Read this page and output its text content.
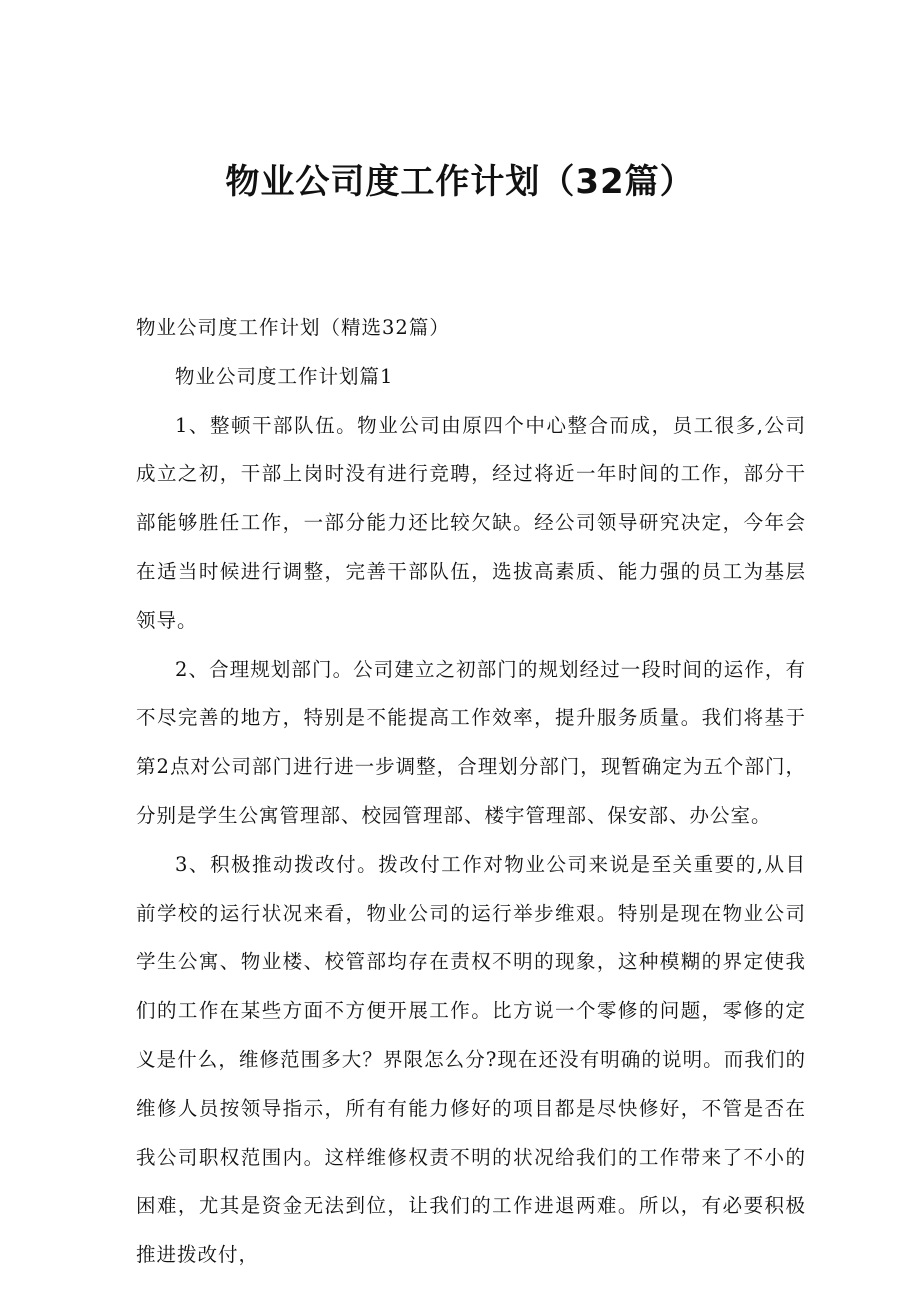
物业公司度工作计划（32篇）

物业公司度工作计划（精选32篇）

物业公司度工作计划篇1

1、整顿干部队伍。物业公司由原四个中心整合而成，员工很多,公司成立之初，干部上岗时没有进行竞聘，经过将近一年时间的工作，部分干部能够胜任工作，一部分能力还比较欠缺。经公司领导研究决定，今年会在适当时候进行调整，完善干部队伍，选拔高素质、能力强的员工为基层领导。

2、合理规划部门。公司建立之初部门的规划经过一段时间的运作，有不尽完善的地方，特别是不能提高工作效率，提升服务质量。我们将基于第2点对公司部门进行进一步调整，合理划分部门，现暂确定为五个部门，分别是学生公寓管理部、校园管理部、楼宇管理部、保安部、办公室。

3、积极推动拨改付。拨改付工作对物业公司来说是至关重要的,从目前学校的运行状况来看，物业公司的运行举步维艰。特别是现在物业公司学生公寓、物业楼、校管部均存在责权不明的现象，这种模糊的界定使我们的工作在某些方面不方便开展工作。比方说一个零修的问题，零修的定义是什么，维修范围多大？界限怎么分?现在还没有明确的说明。而我们的维修人员按领导指示，所有有能力修好的项目都是尽快修好，不管是否在我公司职权范围内。这样维修权责不明的状况给我们的工作带来了不小的困难，尤其是资金无法到位，让我们的工作进退两难。所以，有必要积极推进拨改付，
